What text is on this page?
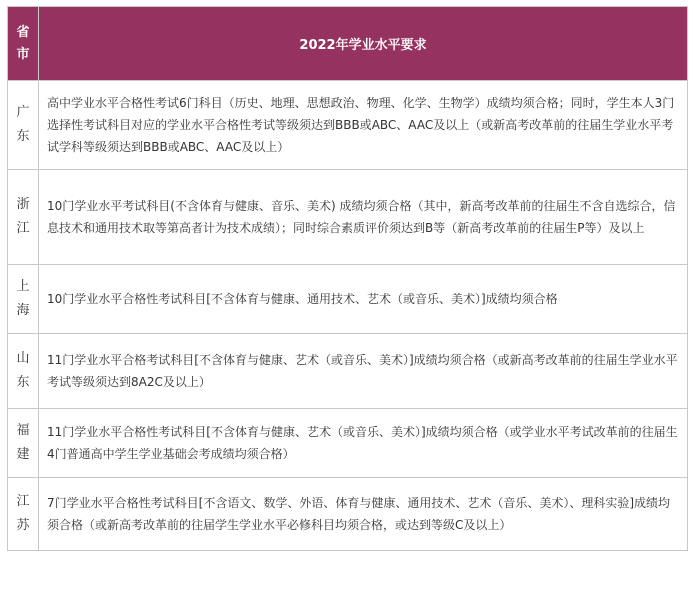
省
市	2022年学业水平要求

广
东	高中学业水平合格性考试6门科目（历史、地理、思想政治、物理、化学、生物学）成绩均须合格；同时，学生本人3门选择性考试科目对应的学业水平合格性考试等级须达到BBB或ABC、AAC及以上（或新高考改革前的往届生学业水平考试学科等级须达到BBB或ABC、AAC及以上）

浙
江	10门学业水平考试科目(不含体育与健康、音乐、美术) 成绩均须合格（其中，新高考改革前的往届生不含自选综合，信息技术和通用技术取等第高者计为技术成绩）；同时综合素质评价须达到B等（新高考改革前的往届生P等）及以上

上
海	10门学业水平合格性考试科目[不含体育与健康、通用技术、艺术（或音乐、美术）]成绩均须合格

山
东	11门学业水平合格考试科目[不含体育与健康、艺术（或音乐、美术）]成绩均须合格（或新高考改革前的往届生学业水平考试等级须达到8A2C及以上）

福
建	11门学业水平合格性考试科目[不含体育与健康、艺术（或音乐、美术）]成绩均须合格（或学业水平考试改革前的往届生4门普通高中学生学业基础会考成绩均须合格）

江
苏	7门学业水平合格性考试科目[不含语文、数学、外语、体育与健康、通用技术、艺术（音乐、美术）、理科实验]成绩均须合格（或新高考改革前的往届学生学业水平必修科目均须合格，或达到等级C及以上）
